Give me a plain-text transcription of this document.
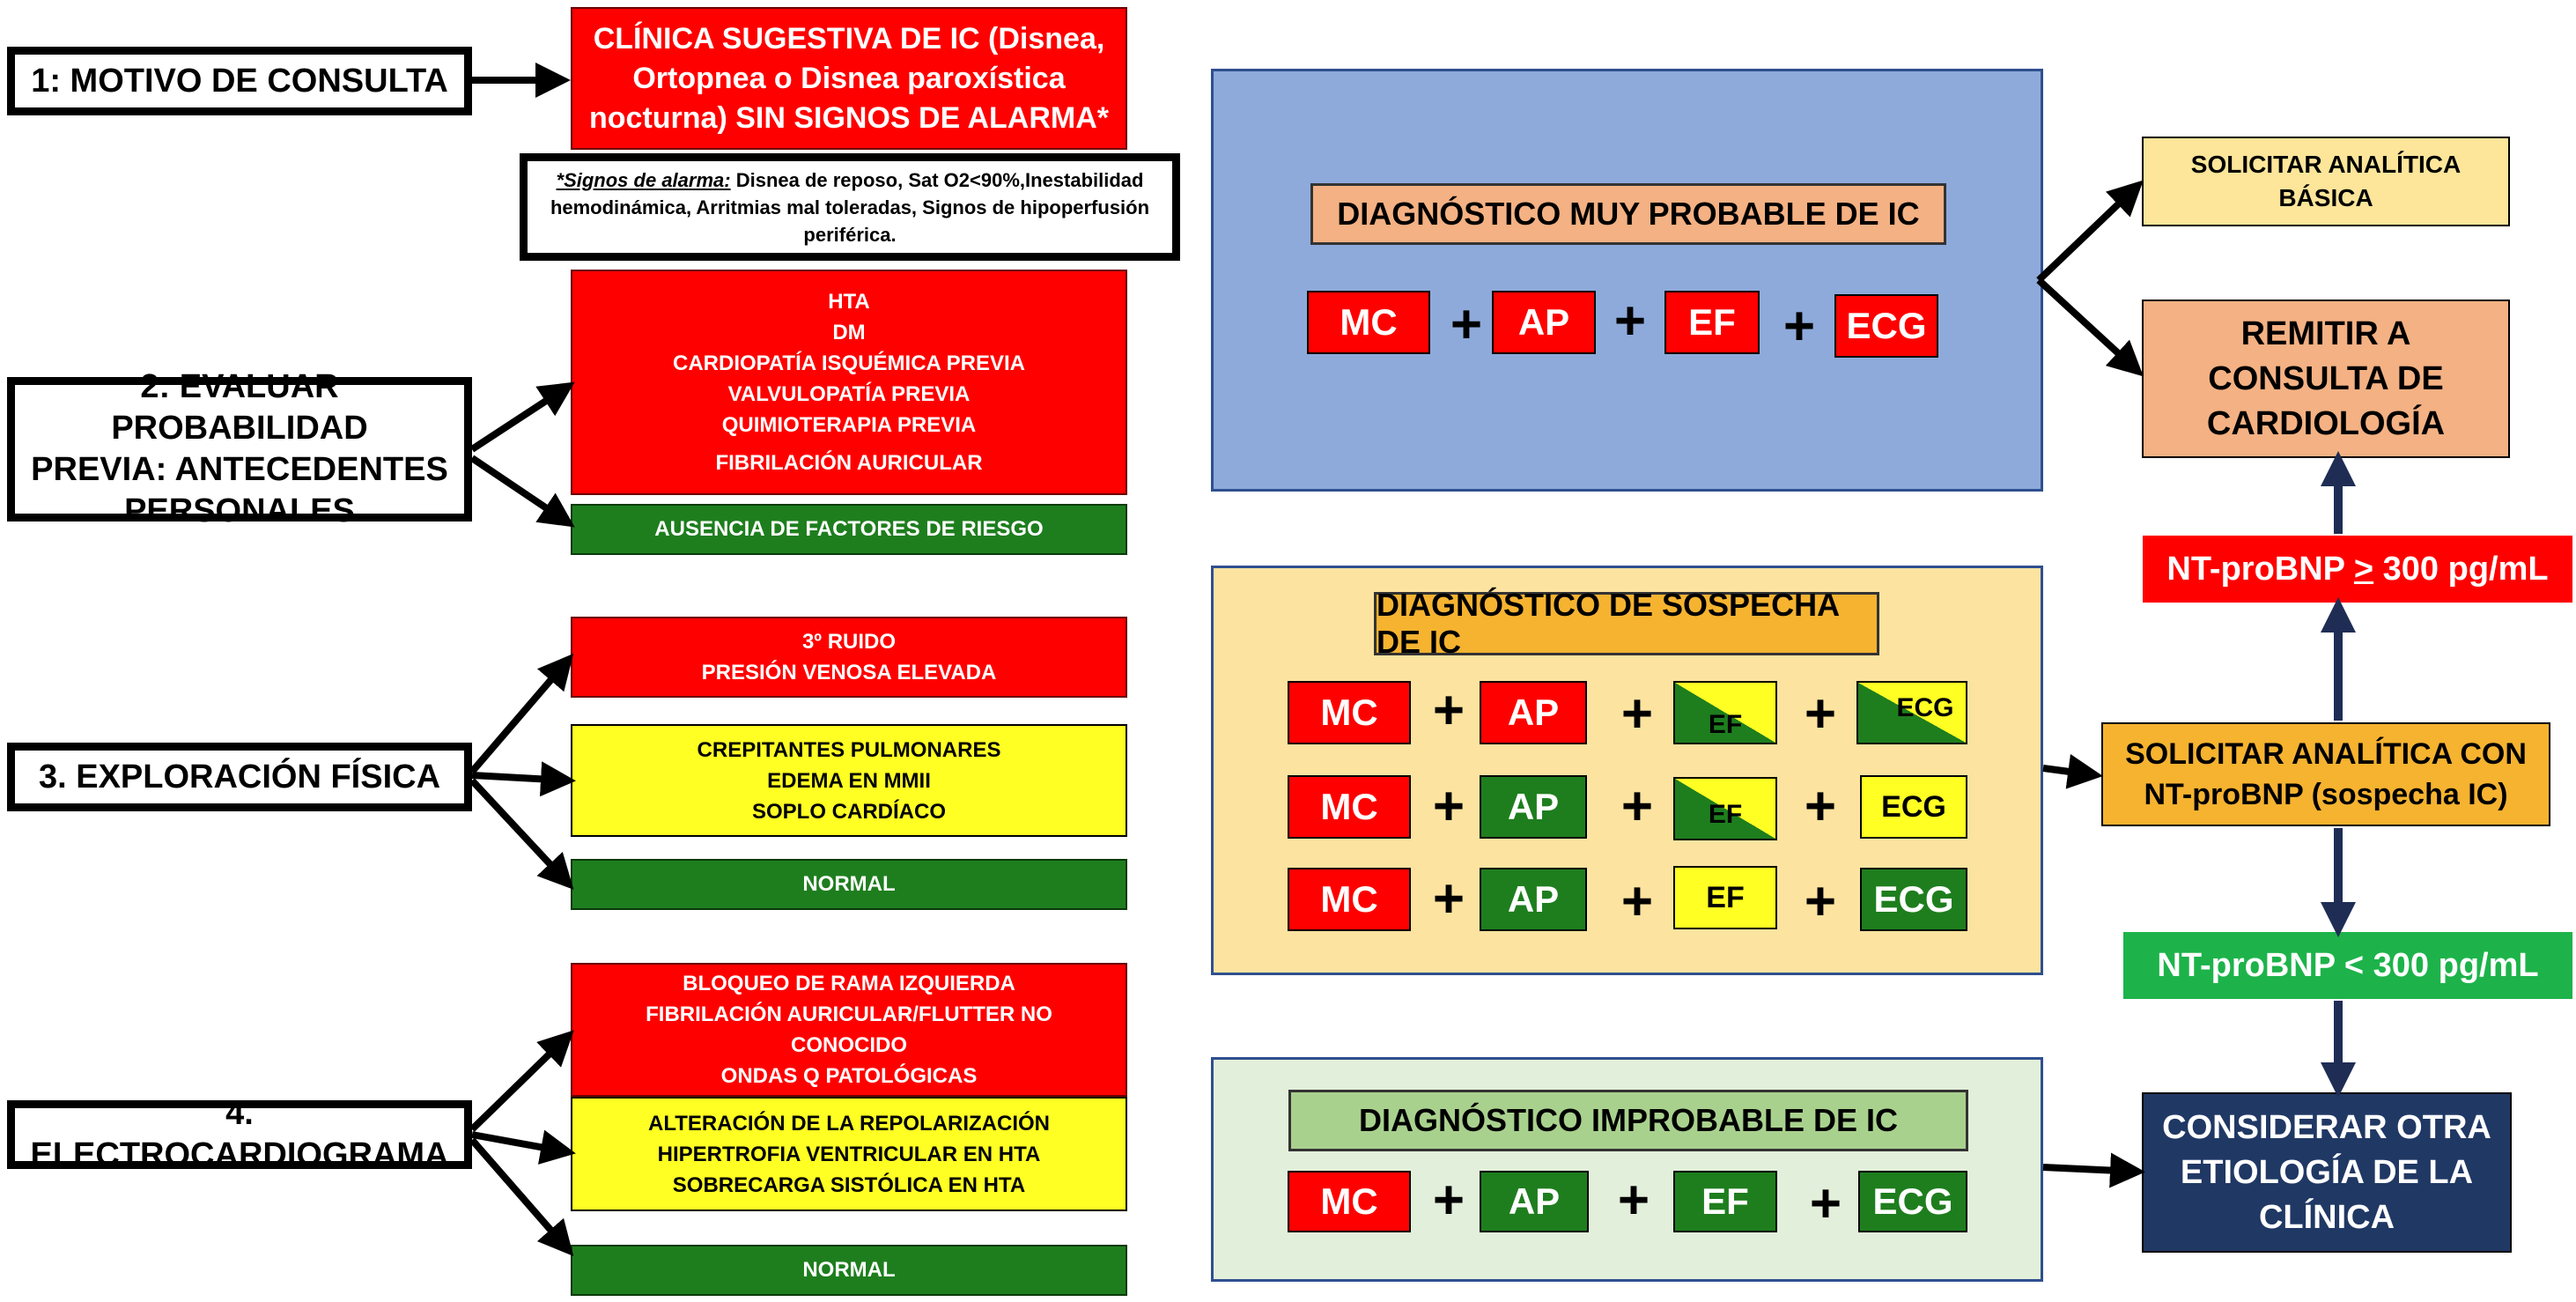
1: MOTIVO DE CONSULTA
CLÍNICA SUGESTIVA DE IC (Disnea,
Ortopnea o Disnea paroxística
nocturna) SIN SIGNOS DE ALARMA*
*Signos de alarma: Disnea de reposo, Sat O2<90%,Inestabilidad
hemodinámica, Arritmias mal toleradas, Signos de hipoperfusión
periférica.
2: EVALUAR PROBABILIDAD
PREVIA: ANTECEDENTES
PERSONALES
HTA
DM
CARDIOPATÍA ISQUÉMICA PREVIA
VALVULOPATÍA PREVIA
QUIMIOTERAPIA PREVIA
FIBRILACIÓN AURICULAR
AUSENCIA DE FACTORES DE RIESGO
3. EXPLORACIÓN FÍSICA
3º RUIDO
PRESIÓN VENOSA ELEVADA
CREPITANTES PULMONARES
EDEMA EN MMII
SOPLO CARDÍACO
NORMAL
4. ELECTROCARDIOGRAMA
BLOQUEO DE RAMA IZQUIERDA
FIBRILACIÓN AURICULAR/FLUTTER NO
CONOCIDO
ONDAS Q PATOLÓGICAS
ALTERACIÓN DE LA REPOLARIZACIÓN
HIPERTROFIA VENTRICULAR EN HTA
SOBRECARGA SISTÓLICA EN HTA
NORMAL
DIAGNÓSTICO MUY PROBABLE DE IC
MC + AP + EF + ECG
DIAGNÓSTICO DE SOSPECHA DE IC
MC + AP + EF + ECG
MC + AP + EF + ECG
MC + AP + EF + ECG
DIAGNÓSTICO IMPROBABLE DE IC
MC + AP + EF + ECG
SOLICITAR ANALÍTICA
BÁSICA
REMITIR A
CONSULTA DE
CARDIOLOGÍA
NT-proBNP > 300 pg/mL
SOLICITAR ANALÍTICA CON
NT-proBNP (sospecha IC)
NT-proBNP < 300 pg/mL
CONSIDERAR OTRA
ETIOLOGÍA DE LA
CLÍNICA
